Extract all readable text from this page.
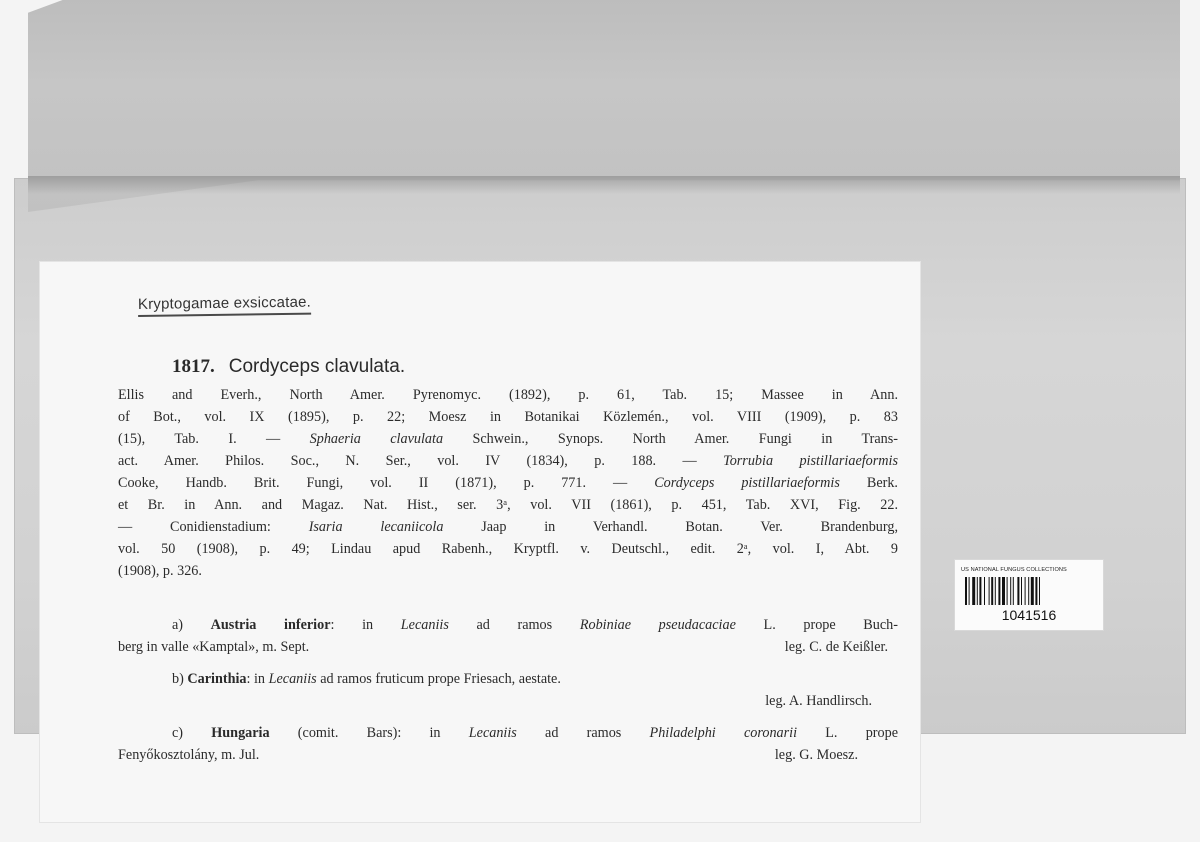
Kryptogamae exsiccatae.
1817. Cordyceps clavulata.
Ellis and Everh., North Amer. Pyrenomyc. (1892), p. 61, Tab. 15; Massee in Ann.
of Bot., vol. IX (1895), p. 22; Moesz in Botanikai Közlemén., vol. VIII (1909), p. 83
(15), Tab. I. — Sphaeria clavulata Schwein., Synops. North Amer. Fungi in Trans-
act. Amer. Philos. Soc., N. Ser., vol. IV (1834), p. 188. — Torrubia pistillariaeformis
Cooke, Handb. Brit. Fungi, vol. II (1871), p. 771. — Cordyceps pistillariaeformis Berk.
et Br. in Ann. and Magaz. Nat. Hist., ser. 3ᵃ, vol. VII (1861), p. 451, Tab. XVI, Fig. 22.
— Conidienstadium: Isaria lecaniicola Jaap in Verhandl. Botan. Ver. Brandenburg,
vol. 50 (1908), p. 49; Lindau apud Rabenh., Kryptfl. v. Deutschl., edit. 2ᵃ, vol. I, Abt. 9
(1908), p. 326.
a) Austria inferior: in Lecaniis ad ramos Robiniae pseudacaciae L. prope Buch-
berg in valle «Kamptal», m. Sept.	leg. C. de Keißler.
b) Carinthia: in Lecaniis ad ramos fruticum prope Friesach, aestate.
leg. A. Handlirsch.
c) Hungaria (comit. Bars): in Lecaniis ad ramos Philadelphi coronarii L. prope
Fenyőkosztolány, m. Jul.	leg. G. Moesz.
US NATIONAL FUNGUS COLLECTIONS
1041516
